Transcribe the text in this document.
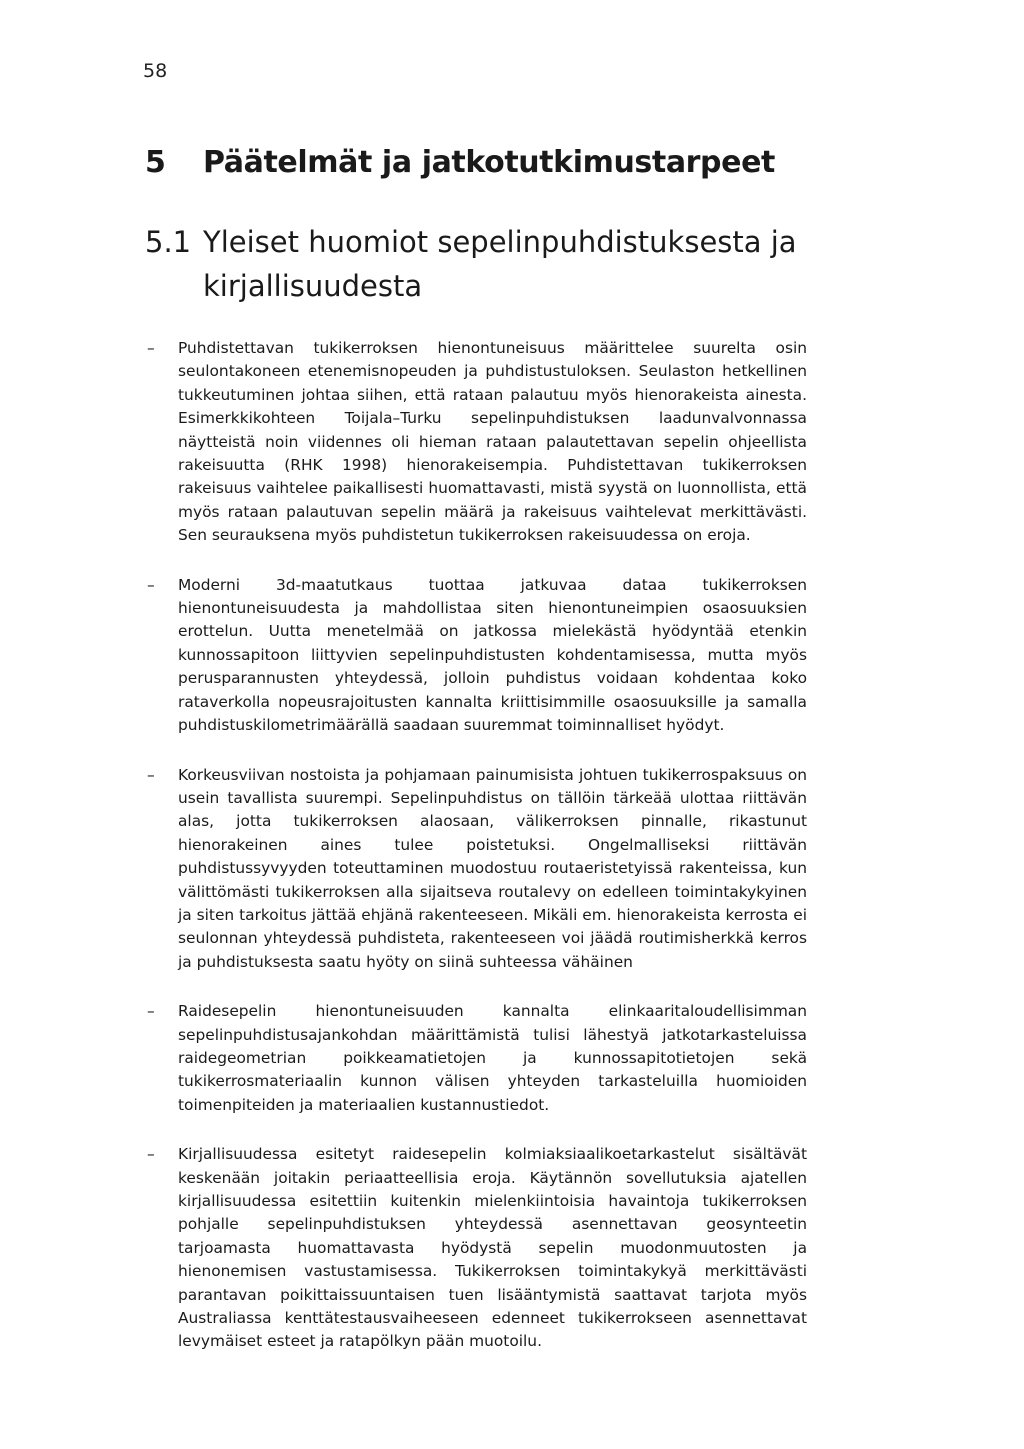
58
5 Päätelmät ja jatkotutkimustarpeet
5.1 Yleiset huomiot sepelinpuhdistuksesta ja kirjallisuudesta
–	Puhdistettavan tukikerroksen hienontuneisuus määrittelee suurelta osin seulontakoneen etenemisnopeuden ja puhdistustuloksen. Seulaston hetkellinen tukkeutuminen johtaa siihen, että rataan palautuu myös hienorakeista ainesta. Esimerkkikohteen Toijala–Turku sepelinpuhdistuksen laadunvalvonnassa näytteistä noin viidennes oli hieman rataan palautettavan sepelin ohjeellista rakeisuutta (RHK 1998) hienorakeisempia. Puhdistettavan tukikerroksen rakeisuus vaihtelee paikallisesti huomattavasti, mistä syystä on luonnollista, että myös rataan palautuvan sepelin määrä ja rakeisuus vaihtelevat merkittävästi. Sen seurauksena myös puhdistetun tukikerroksen rakeisuudessa on eroja.
–	Moderni 3d-maatutkaus tuottaa jatkuvaa dataa tukikerroksen hienontuneisuudesta ja mahdollistaa siten hienontuneimpien osaosuuksien erottelun. Uutta menetelmää on jatkossa mielekästä hyödyntää etenkin kunnossapitoon liittyvien sepelinpuhdistusten kohdentamisessa, mutta myös perusparannusten yhteydessä, jolloin puhdistus voidaan kohdentaa koko rataverkolla nopeusrajoitusten kannalta kriittisimmille osaosuuksille ja samalla puhdistuskilometrimäärällä saadaan suuremmat toiminnalliset hyödyt.
–	Korkeusviivan nostoista ja pohjamaan painumisista johtuen tukikerrospaksuus on usein tavallista suurempi. Sepelinpuhdistus on tällöin tärkeää ulottaa riittävän alas, jotta tukikerroksen alaosaan, välikerroksen pinnalle, rikastunut hienorakeinen aines tulee poistetuksi. Ongelmalliseksi riittävän puhdistussyvyyden toteuttaminen muodostuu routaeristetyissä rakenteissa, kun välittömästi tukikerroksen alla sijaitseva routalevy on edelleen toimintakykyinen ja siten tarkoitus jättää ehjänä rakenteeseen. Mikäli em. hienorakeista kerrosta ei seulonnan yhteydessä puhdisteta, rakenteeseen voi jäädä routimisherkkä kerros ja puhdistuksesta saatu hyöty on siinä suhteessa vähäinen
–	Raidesepelin hienontuneisuuden kannalta elinkaaritaloudellisimman sepelinpuhdistusajankohdan määrittämistä tulisi lähestyä jatkotarkasteluissa raidegeometrian poikkeamatietojen ja kunnossapitotietojen sekä tukikerrosmateriaalin kunnon välisen yhteyden tarkasteluilla huomioiden toimenpiteiden ja materiaalien kustannustiedot.
–	Kirjallisuudessa esitetyt raidesepelin kolmiaksiaalikoetarkastelut sisältävät keskenään joitakin periaatteellisia eroja. Käytännön sovellutuksia ajatellen kirjallisuudessa esitettiin kuitenkin mielenkiintoisia havaintoja tukikerroksen pohjalle sepelinpuhdistuksen yhteydessä asennettavan geosynteetin tarjoamasta huomattavasta hyödystä sepelin muodonmuutosten ja hienonemisen vastustamisessa. Tukikerroksen toimintakykyä merkittävästi parantavan poikittaissuuntaisen tuen lisääntymistä saattavat tarjota myös Australiassa kenttätestausvaiheeseen edenneet tukikerrokseen asennettavat levymäiset esteet ja ratapölkyn pään muotoilu.
